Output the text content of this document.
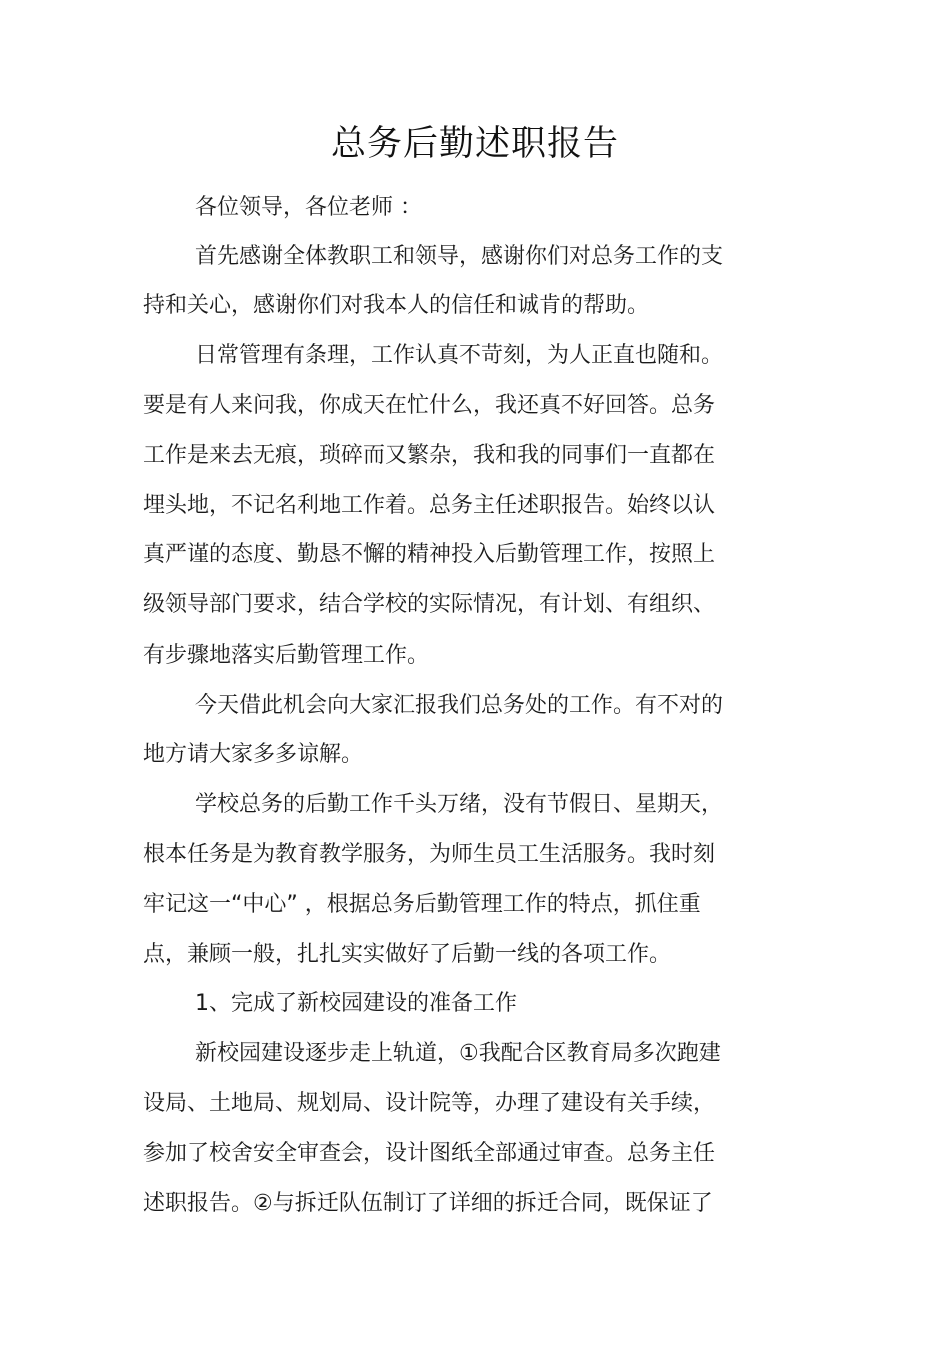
总务后勤述职报告
各位领导，各位老师 ：
首先感谢全体教职工和领导，感谢你们对总务工作的支
持和关心，感谢你们对我本人的信任和诚肯的帮助。
日常管理有条理，工作认真不苛刻，为人正直也随和。
要是有人来问我，你成天在忙什么，我还真不好回答。总务
工作是来去无痕，琐碎而又繁杂，我和我的同事们一直都在
埋头地，不记名利地工作着。总务主任述职报告。始终以认
真严谨的态度、勤恳不懈的精神投入后勤管理工作，按照上
级领导部门要求，结合学校的实际情况，有计划、有组织、
有步骤地落实后勤管理工作。
今天借此机会向大家汇报我们总务处的工作。有不对的
地方请大家多多谅解。
学校总务的后勤工作千头万绪，没有节假日、星期天，
根本任务是为教育教学服务，为师生员工生活服务。我时刻
牢记这一“中心” ，根据总务后勤管理工作的特点，抓住重
点，兼顾一般，扎扎实实做好了后勤一线的各项工作。
1、完成了新校园建设的准备工作
新校园建设逐步走上轨道，①我配合区教育局多次跑建
设局、土地局、规划局、设计院等，办理了建设有关手续，
参加了校舍安全审查会，设计图纸全部通过审查。总务主任
述职报告。②与拆迁队伍制订了详细的拆迁合同，既保证了
